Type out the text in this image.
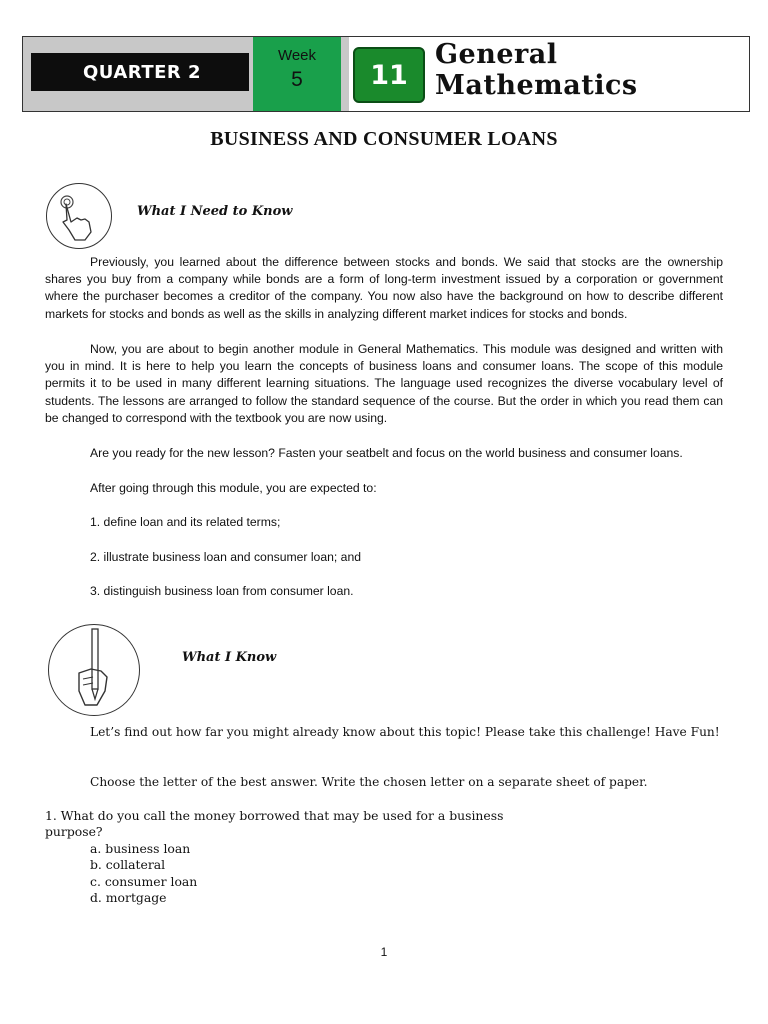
QUARTER 2
Week
5	11
General
Mathematics
BUSINESS AND CONSUMER LOANS
What I Need to Know

Previously, you learned about the difference between stocks and bonds. We said that stocks are the ownership shares you buy from a company while bonds are a form of long-term investment issued by a corporation or government where the purchaser becomes a creditor of the company. You now also have the background on how to describe different markets for stocks and bonds as well as the skills in analyzing different market indices for stocks and bonds.

Now, you are about to begin another module in General Mathematics. This module was designed and written with you in mind. It is here to help you learn the concepts of business loans and consumer loans. The scope of this module permits it to be used in many different learning situations. The language used recognizes the diverse vocabulary level of students. The lessons are arranged to follow the standard sequence of the course. But the order in which you read them can be changed to correspond with the textbook you are now using.

Are you ready for the new lesson? Fasten your seatbelt and focus on the world business and consumer loans.

After going through this module, you are expected to:

1. define loan and its related terms;

2. illustrate business loan and consumer loan; and

3. distinguish business loan from consumer loan.

What I Know

Let’s find out how far you might already know about this topic! Please take this challenge! Have Fun!

Choose the letter of the best answer. Write the chosen letter on a separate sheet of paper.

1. What do you call the money borrowed that may be used for a business

purpose?

a. business loan

b. collateral

c. consumer loan

d. mortgage

1
